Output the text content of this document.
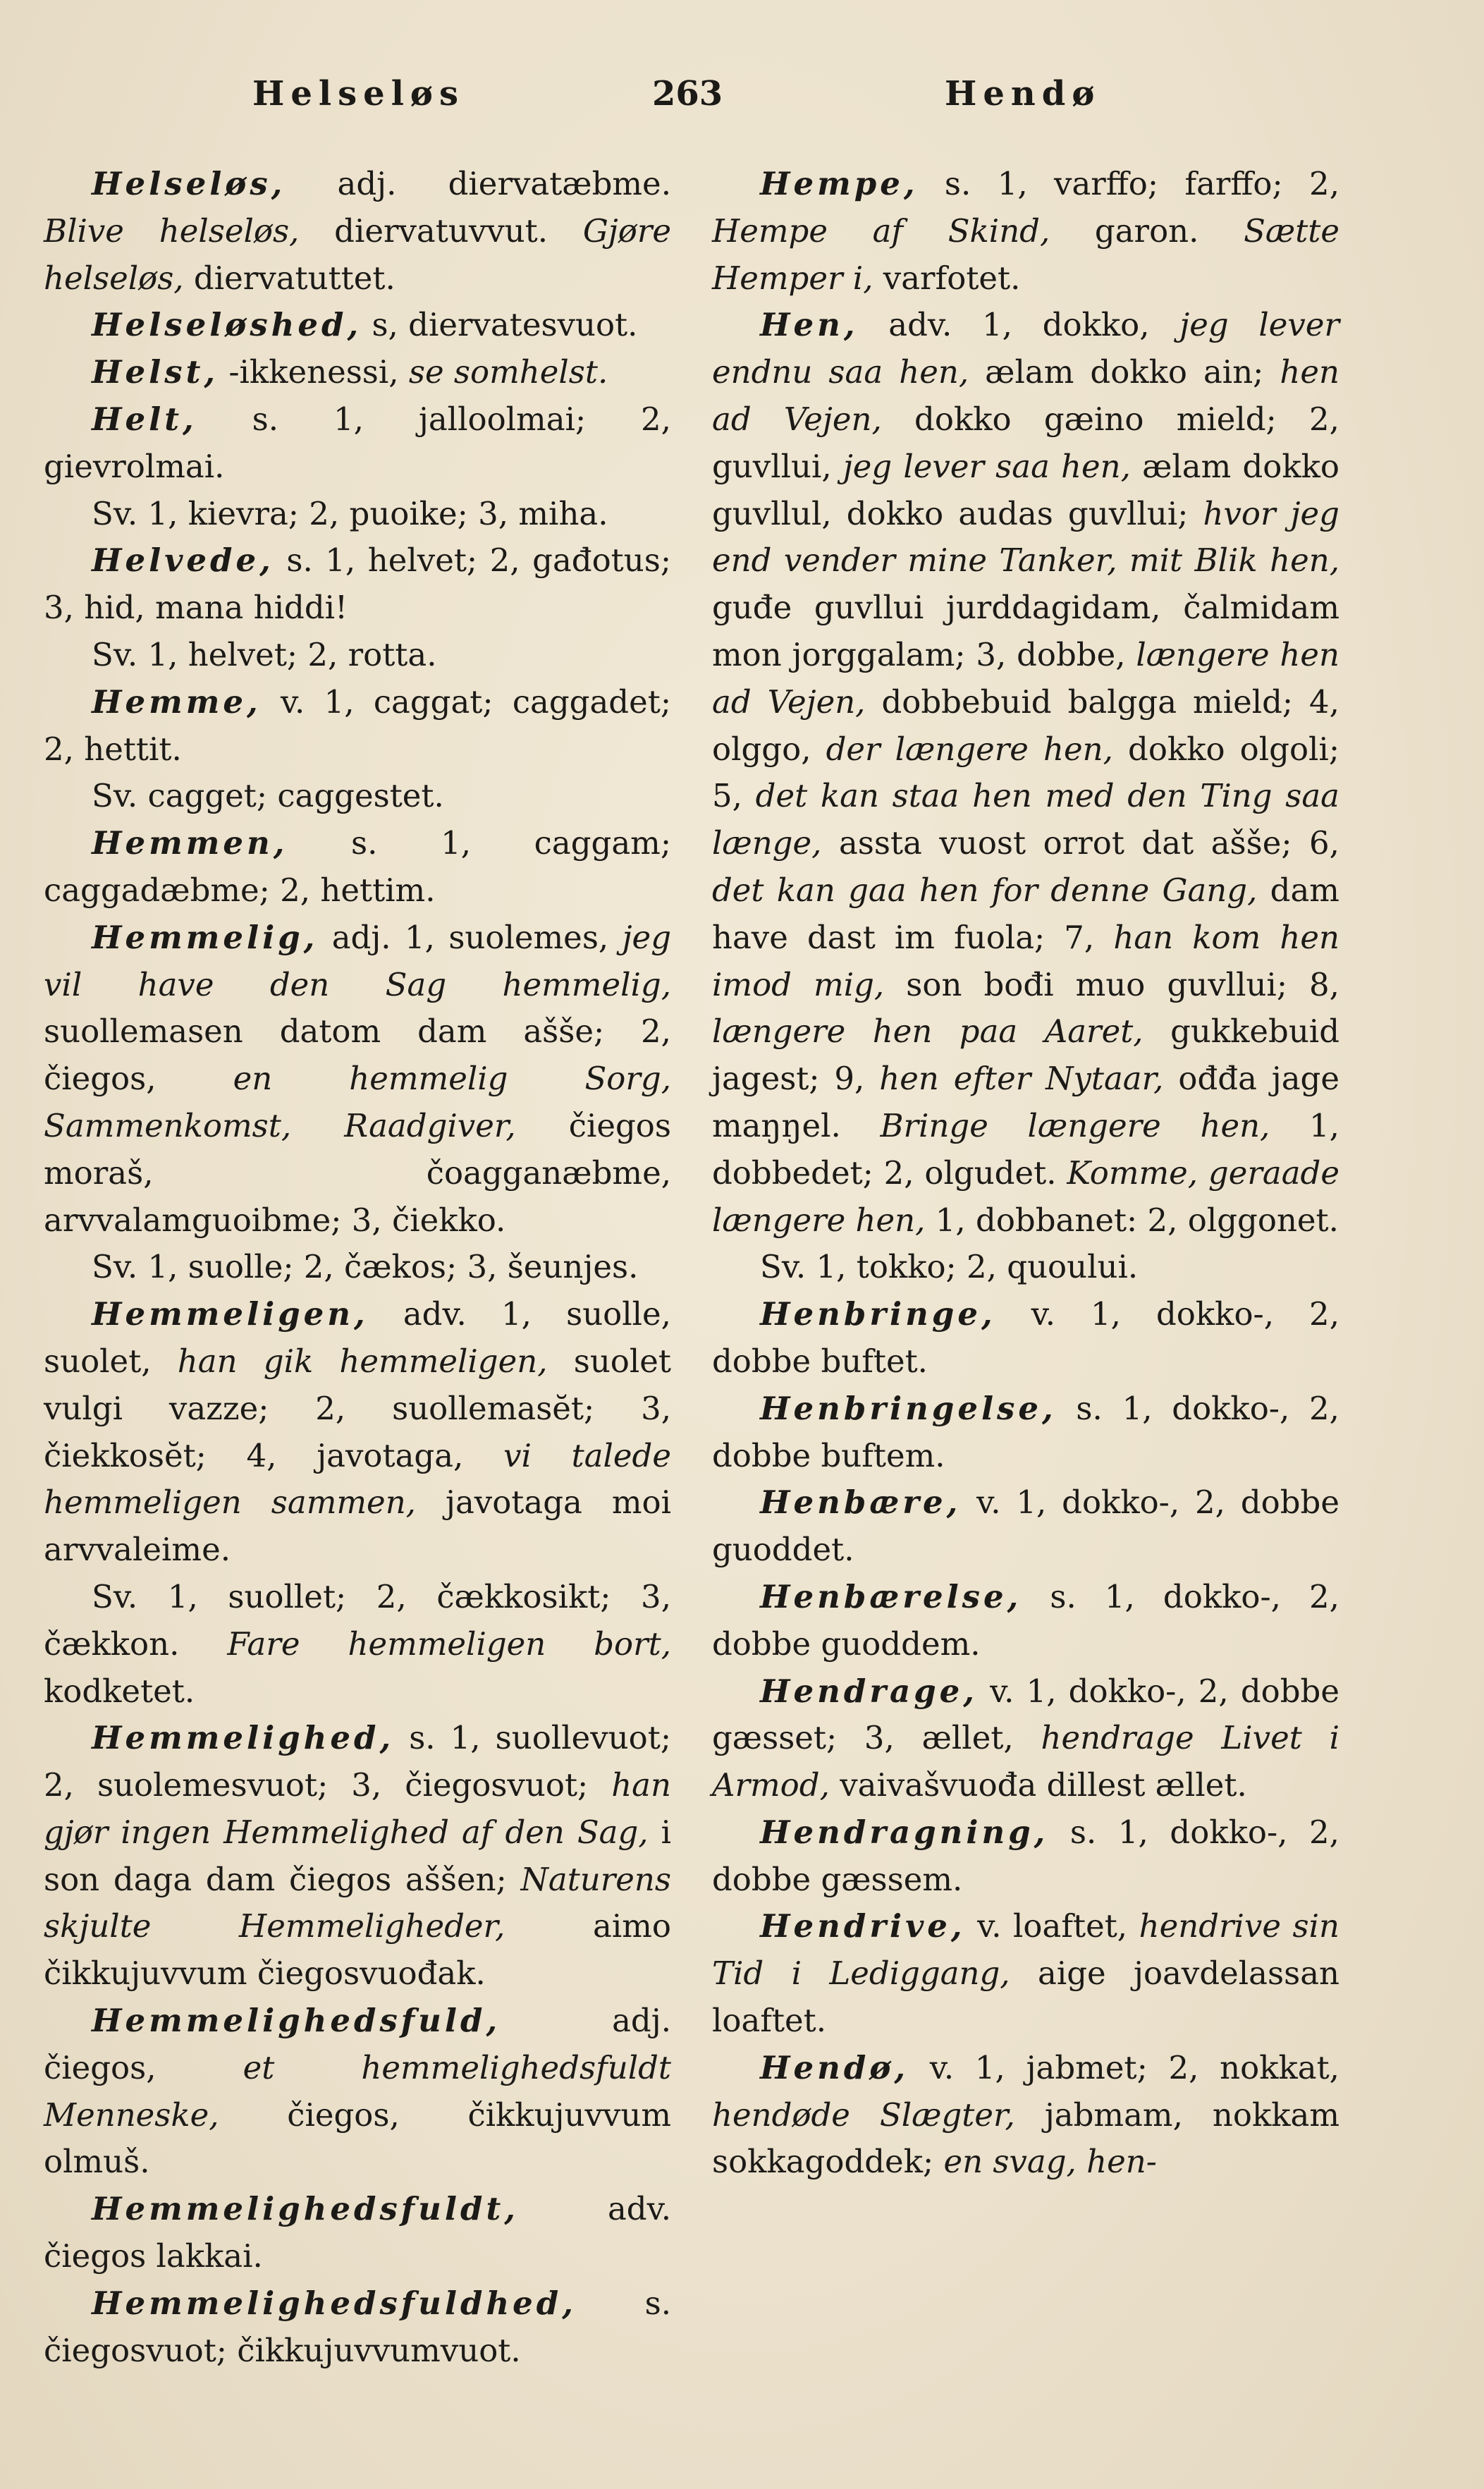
Helseløs	263	Hendø

Helseløs, adj. diervatæbme. Blive helseløs, diervatuvvut. Gjøre helseløs, diervatuttet.

Helseløshed, s, diervatesvuot.

Helst, -ikkenessi, se somhelst.

Helt, s. 1, jalloolmai; 2, gievrolmai.

Sv. 1, kievra; 2, puoike; 3, miha.

Helvede, s. 1, helvet; 2, gađotus; 3, hid, mana hiddi!

Sv. 1, helvet; 2, rotta.

Hemme, v. 1, caggat; caggadet; 2, hettit.

Sv. cagget; caggestet.

Hemmen, s. 1, caggam; caggadæbme; 2, hettim.

Hemmelig, adj. 1, suolemes, jeg vil have den Sag hemmelig, suollemasen datom dam ašše; 2, čiegos, en hemmelig Sorg, Sammenkomst, Raadgiver, čiegos moraš, čoagganæbme, arvvalamguoibme; 3, čiekko.

Sv. 1, suolle; 2, čækos; 3, šeunjes.

Hemmeligen, adv. 1, suolle, suolet, han gik hemmeligen, suolet vulgi vazze; 2, suollemasĕt; 3, čiekkosĕt; 4, javotaga, vi talede hemmeligen sammen, javotaga moi arvvaleime.

Sv. 1, suollet; 2, čækkosikt; 3, čækkon. Fare hemmeligen bort, kodketet.

Hemmelighed, s. 1, suollevuot; 2, suolemesvuot; 3, čiegosvuot; han gjør ingen Hemmelighed af den Sag, i son daga dam čiegos aššen; Naturens skjulte Hemmeligheder, aimo čikkujuvvum čiegosvuođak.

Hemmelighedsfuld, adj. čiegos, et hemmelighedsfuldt Menneske, čiegos, čikkujuvvum olmuš.

Hemmelighedsfuldt, adv. čiegos lakkai.

Hemmelighedsfuldhed, s. čiegosvuot; čikkujuvvumvuot.

Hempe, s. 1, varffo; farffo; 2, Hempe af Skind, garon. Sætte Hemper i, varfotet.

Hen, adv. 1, dokko, jeg lever endnu saa hen, ælam dokko ain; hen ad Vejen, dokko gæino mield; 2, guvllui, jeg lever saa hen, ælam dokko guvllul, dokko audas guvllui; hvor jeg end vender mine Tanker, mit Blik hen, guđe guvllui jurddagidam, čalmidam mon jorggalam; 3, dobbe, længere hen ad Vejen, dobbebuid balgga mield; 4, olggo, der længere hen, dokko olgoli; 5, det kan staa hen med den Ting saa længe, assta vuost orrot dat ašše; 6, det kan gaa hen for denne Gang, dam have dast im fuola; 7, han kom hen imod mig, son bođi muo guvllui; 8, længere hen paa Aaret, gukkebuid jagest; 9, hen efter Nytaar, ođđa jage maŋŋel. Bringe længere hen, 1, dobbedet; 2, olgudet. Komme, geraade længere hen, 1, dobbanet: 2, olggonet.

Sv. 1, tokko; 2, quoului.

Henbringe, v. 1, dokko-, 2, dobbe buftet.

Henbringelse, s. 1, dokko-, 2, dobbe buftem.

Henbære, v. 1, dokko-, 2, dobbe guoddet.

Henbærelse, s. 1, dokko-, 2, dobbe guoddem.

Hendrage, v. 1, dokko-, 2, dobbe gæsset; 3, ællet, hendrage Livet i Armod, vaivašvuođa dillest ællet.

Hendragning, s. 1, dokko-, 2, dobbe gæssem.

Hendrive, v. loaftet, hendrive sin Tid i Lediggang, aige joavdelassan loaftet.

Hendø, v. 1, jabmet; 2, nokkat, hendøde Slægter, jabmam, nokkam sokkagoddek; en svag, hen-
